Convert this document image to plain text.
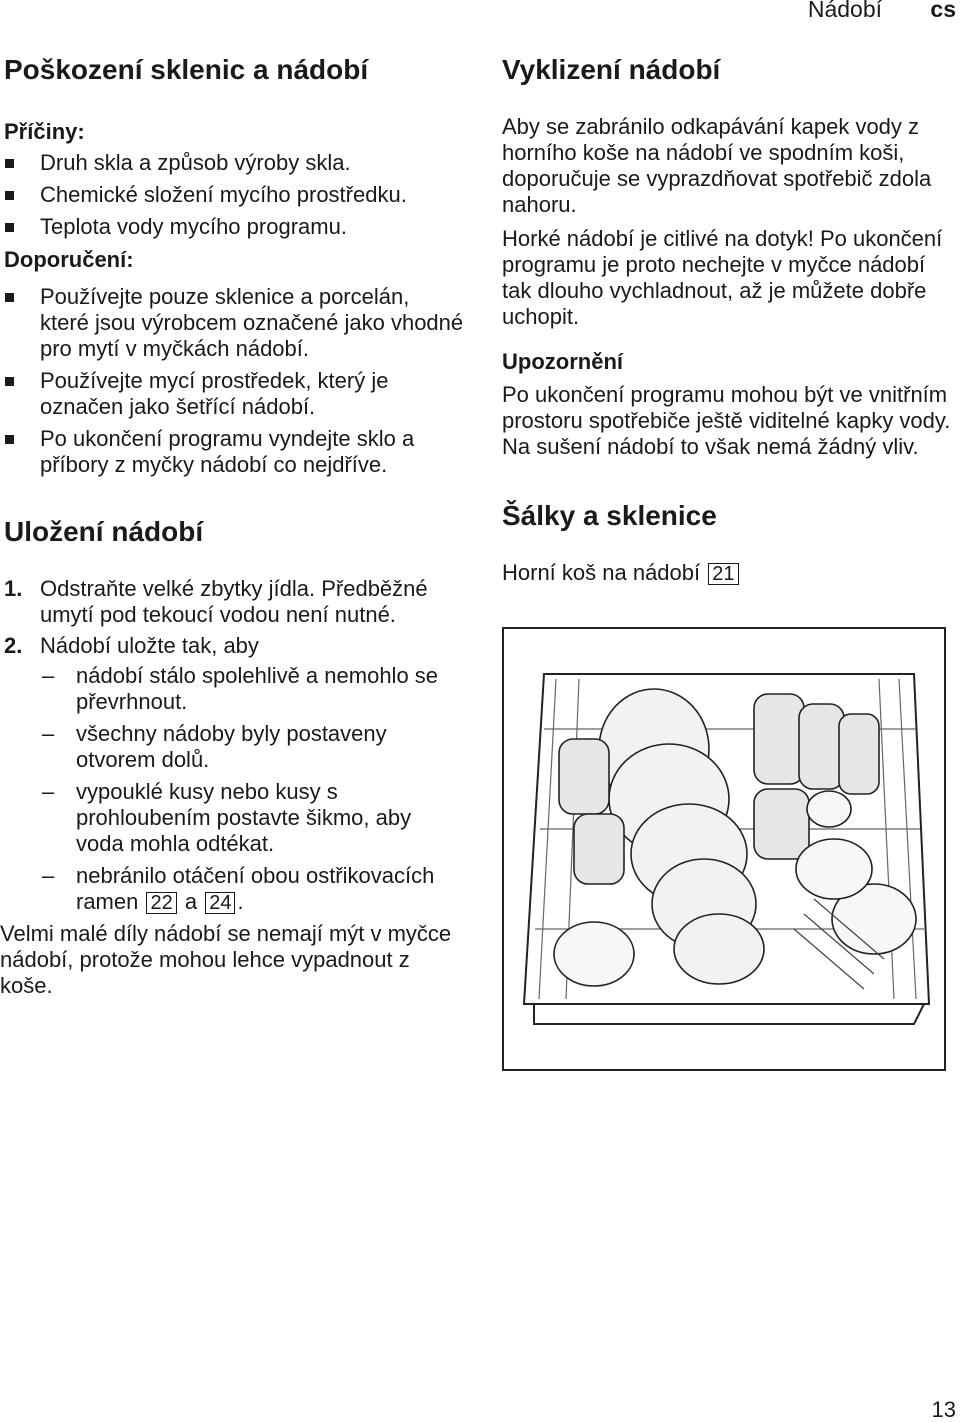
Nádobí cs
Poškození sklenic a nádobí
Příčiny:
Druh skla a způsob výroby skla.
Chemické složení mycího prostředku.
Teplota vody mycího programu.
Doporučení:
Používejte pouze sklenice a porcelán, které jsou výrobcem označené jako vhodné pro mytí v myčkách nádobí.
Používejte mycí prostředek, který je označen jako šetřící nádobí.
Po ukončení programu vyndejte sklo a příbory z myčky nádobí co nejdříve.
Uložení nádobí
1. Odstraňte velké zbytky jídla. Předběžné umytí pod tekoucí vodou není nutné.
2. Nádobí uložte tak, aby
– nádobí stálo spolehlivě a nemohlo se převrhnout.
– všechny nádoby byly postaveny otvorem dolů.
– vypouklé kusy nebo kusy s prohloubením postavte šikmo, aby voda mohla odtékat.
– nebránilo otáčení obou ostřikovacích ramen 22 a 24 .

Velmi malé díly nádobí se nemají mýt v myčce nádobí, protože mohou lehce vypadnout z koše.

Vyklizení nádobí

Aby se zabránilo odkapávání kapek vody z horního koše na nádobí ve spodním koši, doporučuje se vyprazdňovat spotřebič zdola nahoru.

Horké nádobí je citlivé na dotyk! Po ukončení programu je proto nechejte v myčce nádobí tak dlouho vychladnout, až je můžete dobře uchopit.

Upozornění

Po ukončení programu mohou být ve vnitřním prostoru spotřebiče ještě viditelné kapky vody. Na sušení nádobí to však nemá žádný vliv.

Šálky a sklenice

Horní koš na nádobí 21

13
